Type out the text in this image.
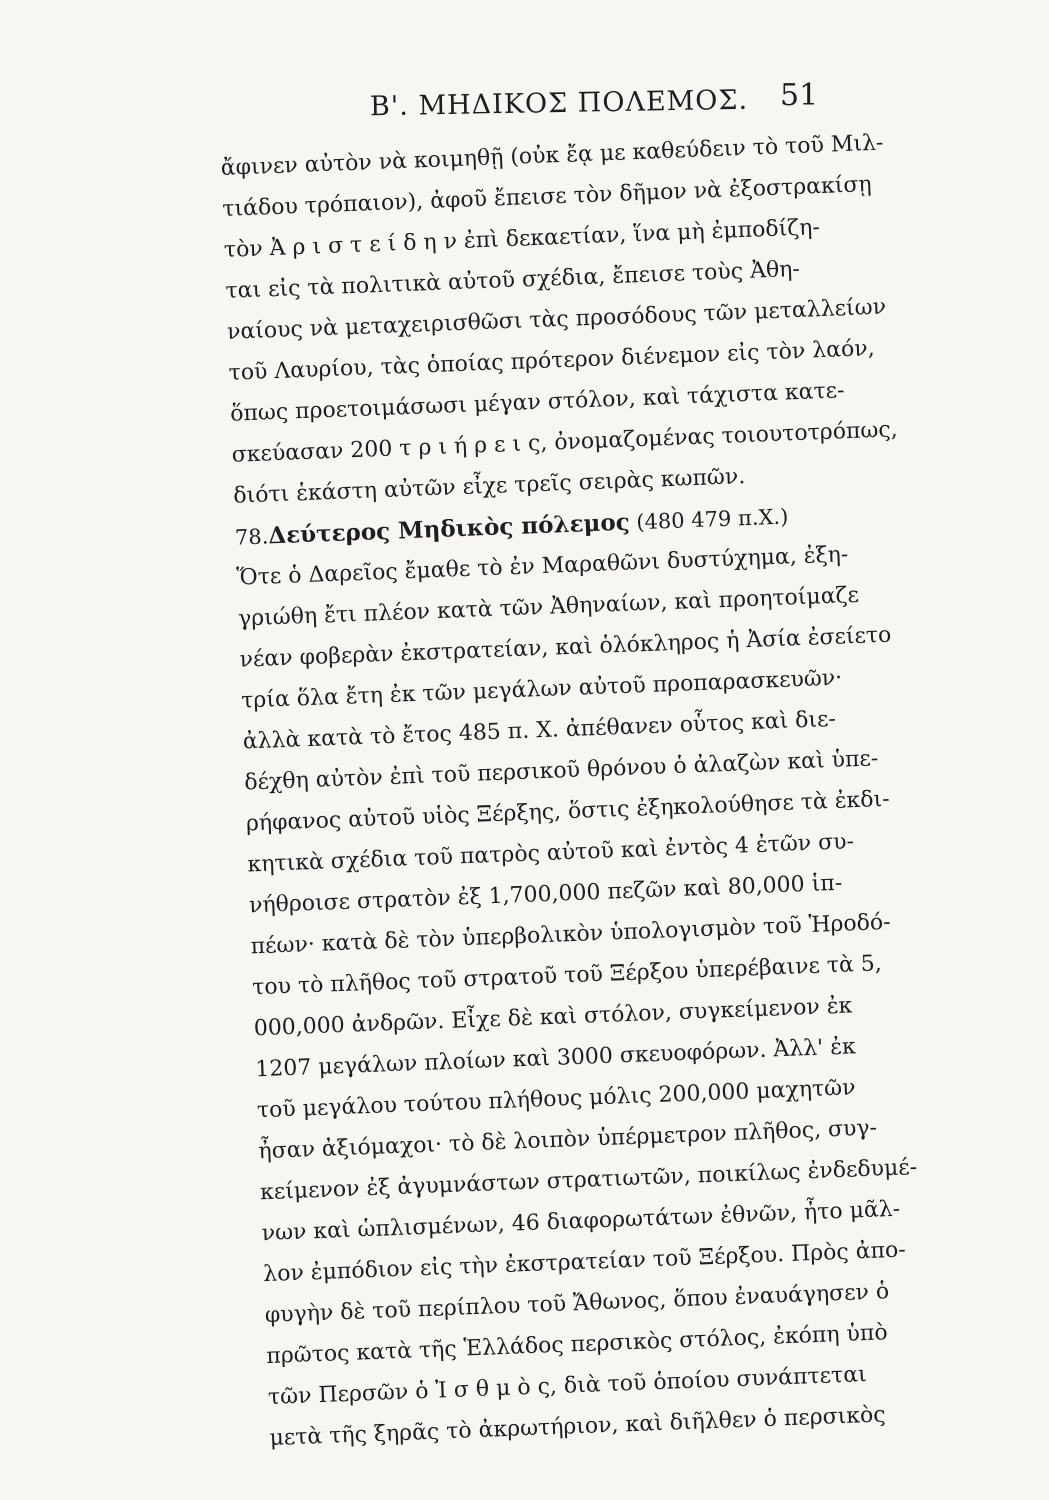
Β'. ΜΗΔΙΚΟΣ ΠΟΛΕΜΟΣ. 51
ἄφινεν αὐτὸν νὰ κοιμηθῇ (οὐκ ἔᾳ με καθεύδειν τὸ τοῦ Μιλ-
τιάδου τρόπαιον), ἀφοῦ ἔπεισε τὸν δῆμον νὰ ἐξοστρακίσῃ
τὸν Ἀ ρ ι σ τ ε ί δ η ν ἐπὶ δεκαετίαν, ἵνα μὴ ἐμποδίζη-
ται εἰς τὰ πολιτικὰ αὐτοῦ σχέδια, ἔπεισε τοὺς Ἀθη-
ναίους νὰ μεταχειρισθῶσι τὰς προσόδους τῶν μεταλλείων
τοῦ Λαυρίου, τὰς ὁποίας πρότερον διένεμον εἰς τὸν λαόν,
ὅπως προετοιμάσωσι μέγαν στόλον, καὶ τάχιστα κατε-
σκεύασαν 200 τ ρ ι ή ρ ε ι ς, ὀνομαζομένας τοιουτοτρόπως,
διότι ἑκάστη αὐτῶν εἶχε τρεῖς σειρὰς κωπῶν.
78.Δεύτερος Μηδικὸς πόλεμος (480 479 π.Χ.)
Ὅτε ὁ Δαρεῖος ἔμαθε τὸ ἐν Μαραθῶνι δυστύχημα, ἐξη-
γριώθη ἔτι πλέον κατὰ τῶν Ἀθηναίων, καὶ προητοίμαζε
νέαν φοβερὰν ἐκστρατείαν, καὶ ὁλόκληρος ἡ Ἀσία ἐσείετο
τρία ὅλα ἔτη ἐκ τῶν μεγάλων αὐτοῦ προπαρασκευῶν·
ἀλλὰ κατὰ τὸ ἔτος 485 π. Χ. ἀπέθανεν οὗτος καὶ διε-
δέχθη αὐτὸν ἐπὶ τοῦ περσικοῦ θρόνου ὁ ἀλαζὼν καὶ ὑπε-
ρήφανος αὐτοῦ υἱὸς Ξέρξης, ὅστις ἐξηκολούθησε τὰ ἐκδι-
κητικὰ σχέδια τοῦ πατρὸς αὐτοῦ καὶ ἐντὸς 4 ἐτῶν συ-
νήθροισε στρατὸν ἐξ 1,700,000 πεζῶν καὶ 80,000 ἱπ-
πέων· κατὰ δὲ τὸν ὑπερβολικὸν ὑπολογισμὸν τοῦ Ἡροδό-
του τὸ πλῆθος τοῦ στρατοῦ τοῦ Ξέρξου ὑπερέβαινε τὰ 5,
000,000 ἀνδρῶν. Εἶχε δὲ καὶ στόλον, συγκείμενον ἐκ
1207 μεγάλων πλοίων καὶ 3000 σκευοφόρων. Ἀλλ' ἐκ
τοῦ μεγάλου τούτου πλήθους μόλις 200,000 μαχητῶν
ἦσαν ἀξιόμαχοι· τὸ δὲ λοιπὸν ὑπέρμετρον πλῆθος, συγ-
κείμενον ἐξ ἀγυμνάστων στρατιωτῶν, ποικίλως ἐνδεδυμέ-
νων καὶ ὡπλισμένων, 46 διαφορωτάτων ἐθνῶν, ἦτο μᾶλ-
λον ἐμπόδιον εἰς τὴν ἐκστρατείαν τοῦ Ξέρξου. Πρὸς ἀπο-
φυγὴν δὲ τοῦ περίπλου τοῦ Ἄθωνος, ὅπου ἐναυάγησεν ὁ
πρῶτος κατὰ τῆς Ἑλλάδος περσικὸς στόλος, ἐκόπη ὑπὸ
τῶν Περσῶν ὁ Ἰ σ θ μ ὸ ς, διὰ τοῦ ὁποίου συνάπτεται
μετὰ τῆς ξηρᾶς τὸ ἀκρωτήριον, καὶ διῆλθεν ὁ περσικὸς
